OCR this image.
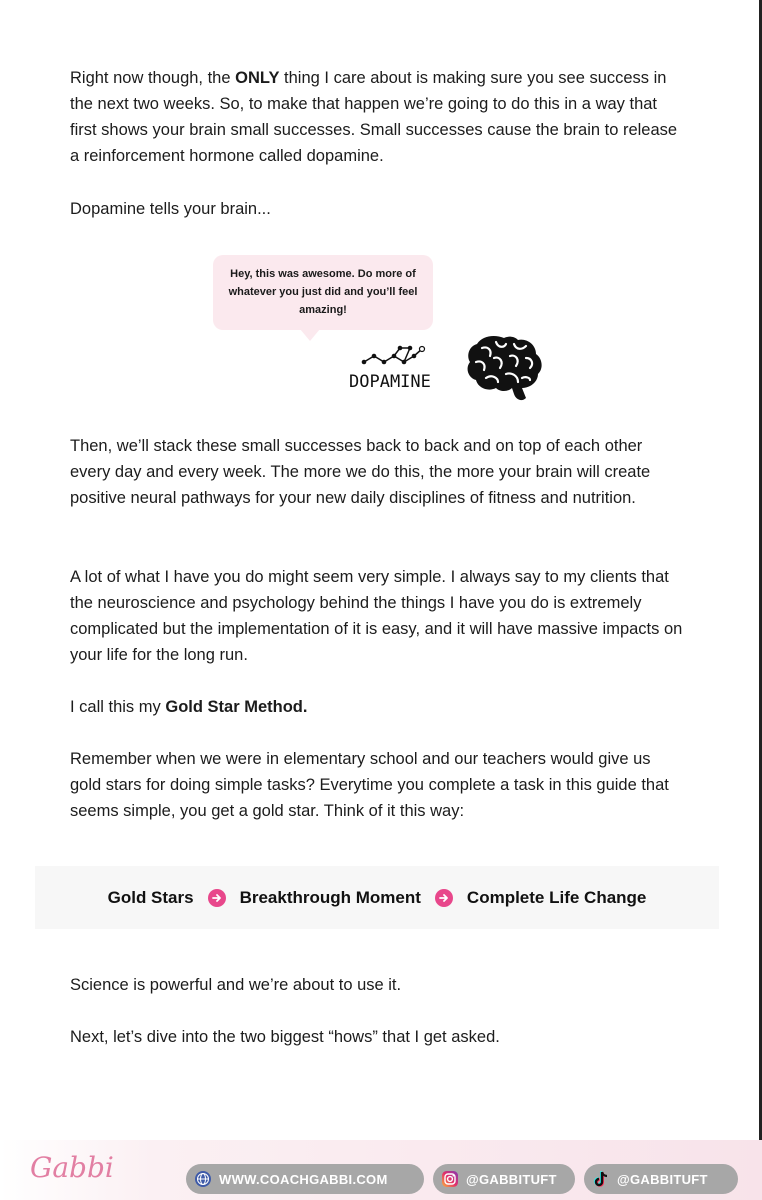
Right now though, the ONLY thing I care about is making sure you see success in the next two weeks. So, to make that happen we’re going to do this in a way that first shows your brain small successes. Small successes cause the brain to release a reinforcement hormone called dopamine.

Dopamine tells your brain...

Hey, this was awesome. Do more of whatever you just did and you’ll feel amazing!
DOPAMINE

Then, we’ll stack these small successes back to back and on top of each other every day and every week. The more we do this, the more your brain will create positive neural pathways for your new daily disciplines of fitness and nutrition.

A lot of what I have you do might seem very simple. I always say to my clients that the neuroscience and psychology behind the things I have you do is extremely complicated but the implementation of it is easy, and it will have massive impacts on your life for the long run.

I call this my Gold Star Method.

Remember when we were in elementary school and our teachers would give us gold stars for doing simple tasks? Everytime you complete a task in this guide that seems simple, you get a gold star. Think of it this way:

Gold Stars	Breakthrough Moment	Complete Life Change

Science is powerful and we’re about to use it.

Next, let’s dive into the two biggest “hows” that I get asked.

Gabbi	WWW.COACHGABBI.COM	@GABBITUFT	@GABBITUFT
